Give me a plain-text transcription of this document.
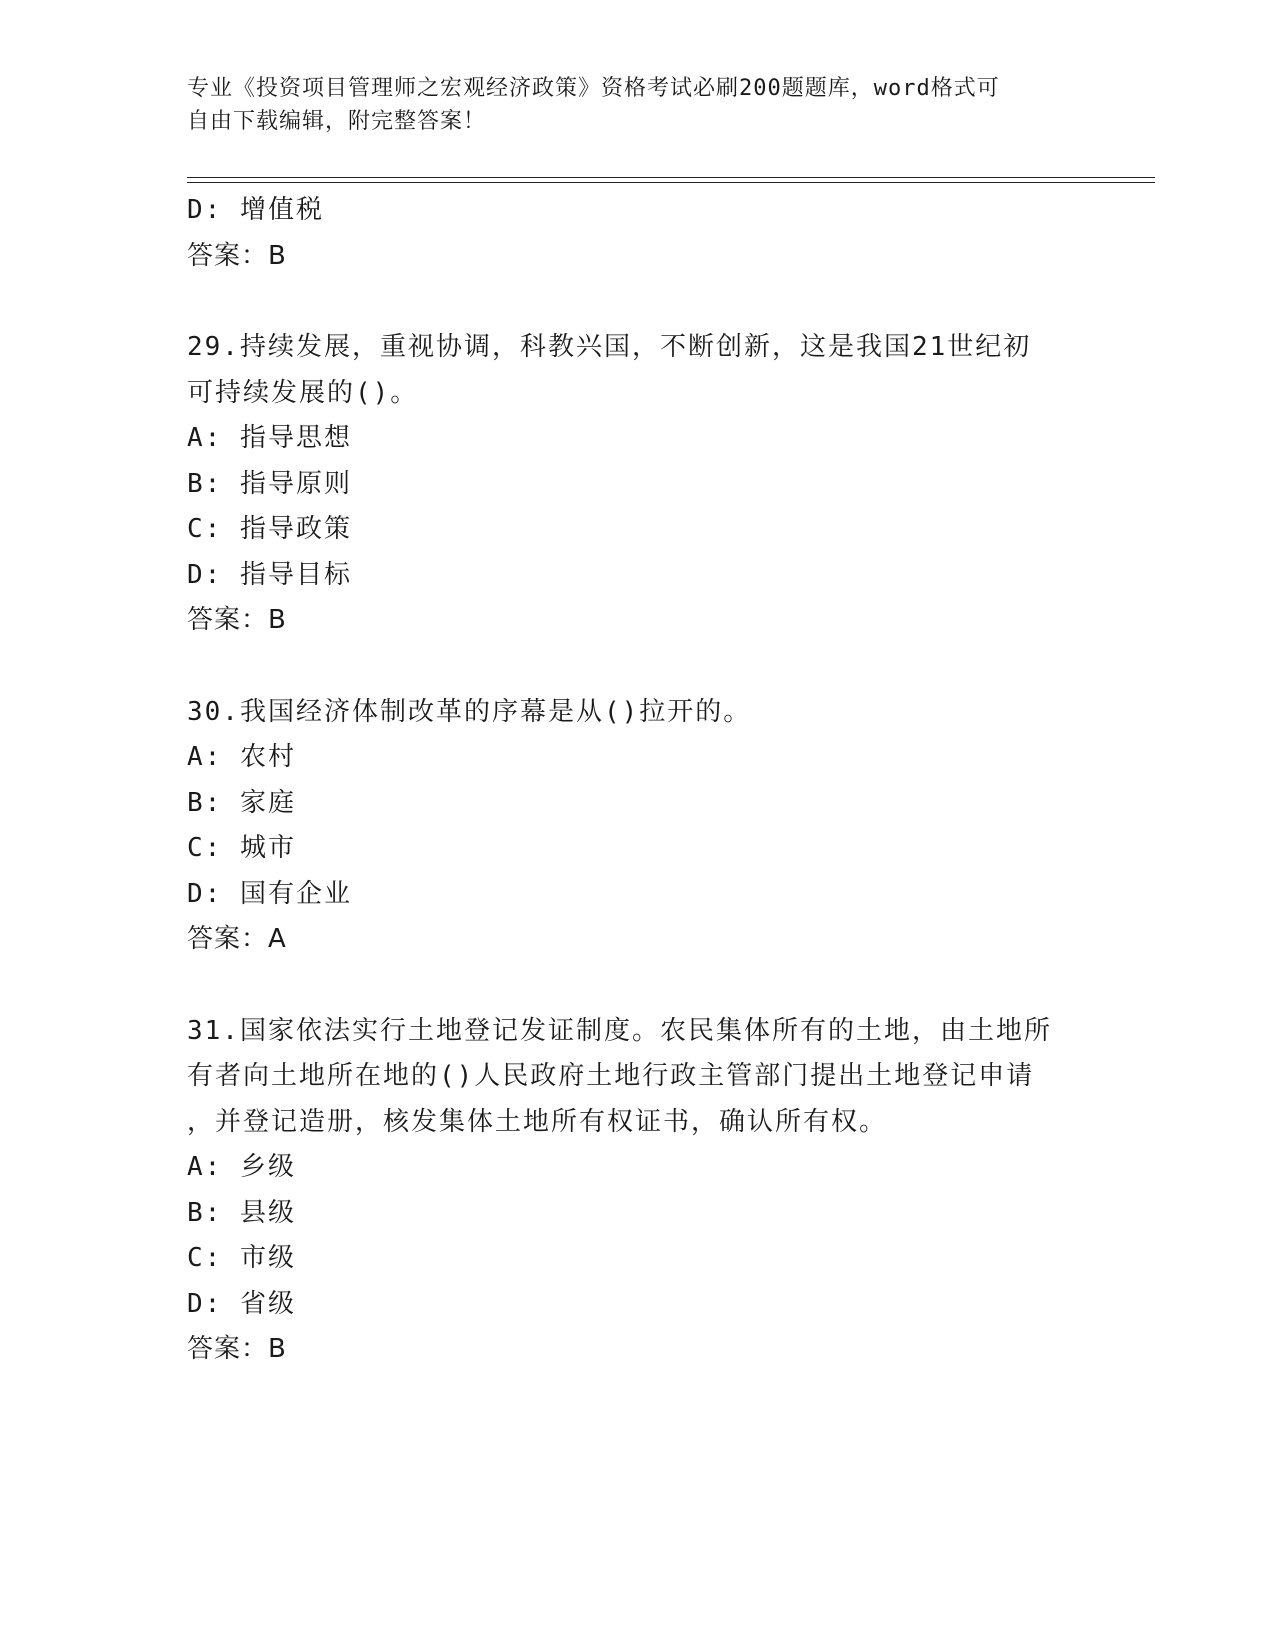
专业《投资项目管理师之宏观经济政策》资格考试必刷200题题库，word格式可

自由下载编辑，附完整答案！

D: 增值税

答案：B

29.持续发展，重视协调，科教兴国，不断创新，这是我国21世纪初

可持续发展的()。

A: 指导思想

B: 指导原则

C: 指导政策

D: 指导目标

答案：B

30.我国经济体制改革的序幕是从()拉开的。

A: 农村

B: 家庭

C: 城市

D: 国有企业

答案：A

31.国家依法实行土地登记发证制度。农民集体所有的土地，由土地所

有者向土地所在地的()人民政府土地行政主管部门提出土地登记申请

，并登记造册，核发集体土地所有权证书，确认所有权。

A: 乡级

B: 县级

C: 市级

D: 省级

答案：B
